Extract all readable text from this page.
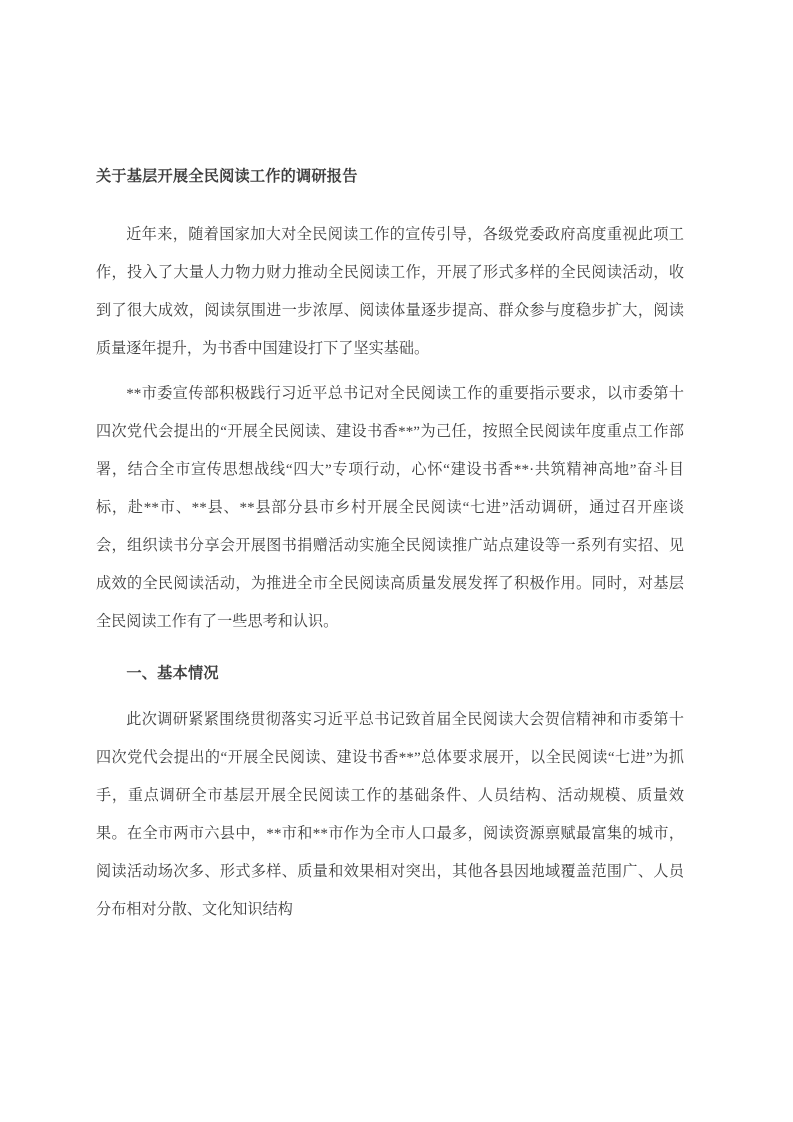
关于基层开展全民阅读工作的调研报告

近年来，随着国家加大对全民阅读工作的宣传引导，各级党委政府高度重视此项工作，投入了大量人力物力财力推动全民阅读工作，开展了形式多样的全民阅读活动，收到了很大成效，阅读氛围进一步浓厚、阅读体量逐步提高、群众参与度稳步扩大，阅读质量逐年提升，为书香中国建设打下了坚实基础。

**市委宣传部积极践行习近平总书记对全民阅读工作的重要指示要求，以市委第十四次党代会提出的“开展全民阅读、建设书香**”为己任，按照全民阅读年度重点工作部署，结合全市宣传思想战线“四大”专项行动，心怀“建设书香**·共筑精神高地”奋斗目标，赴**市、**县、**县部分县市乡村开展全民阅读“七进”活动调研，通过召开座谈会，组织读书分享会开展图书捐赠活动实施全民阅读推广站点建设等一系列有实招、见成效的全民阅读活动，为推进全市全民阅读高质量发展发挥了积极作用。同时，对基层全民阅读工作有了一些思考和认识。

一、基本情况

此次调研紧紧围绕贯彻落实习近平总书记致首届全民阅读大会贺信精神和市委第十四次党代会提出的“开展全民阅读、建设书香**”总体要求展开，以全民阅读“七进”为抓手，重点调研全市基层开展全民阅读工作的基础条件、人员结构、活动规模、质量效果。在全市两市六县中，**市和**市作为全市人口最多，阅读资源禀赋最富集的城市，阅读活动场次多、形式多样、质量和效果相对突出，其他各县因地域覆盖范围广、人员分布相对分散、文化知识结构
